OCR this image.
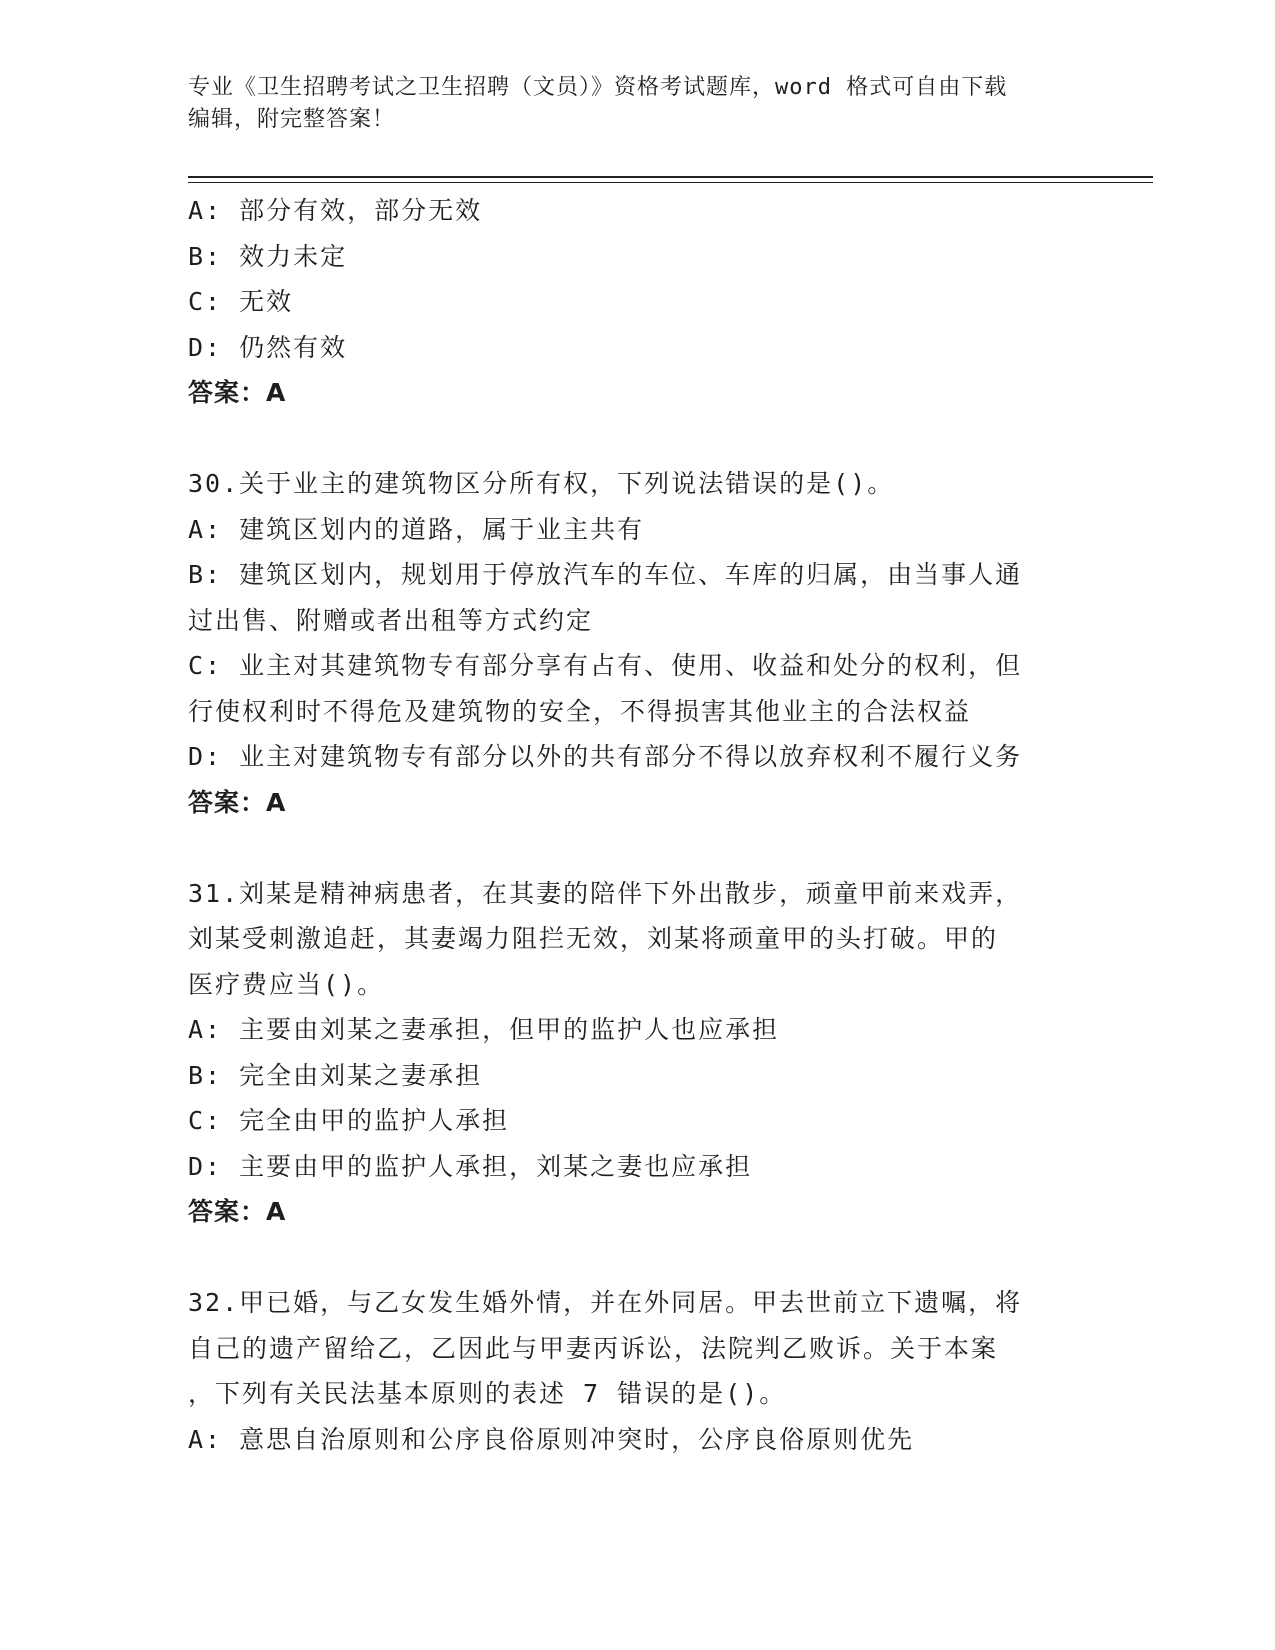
专业《卫生招聘考试之卫生招聘（文员）》资格考试题库，word 格式可自由下载
编辑，附完整答案！
A: 部分有效，部分无效
B: 效力未定
C: 无效
D: 仍然有效
答案：A
30.关于业主的建筑物区分所有权，下列说法错误的是()。
A: 建筑区划内的道路，属于业主共有
B: 建筑区划内，规划用于停放汽车的车位、车库的归属，由当事人通
过出售、附赠或者出租等方式约定
C: 业主对其建筑物专有部分享有占有、使用、收益和处分的权利，但
行使权利时不得危及建筑物的安全，不得损害其他业主的合法权益
D: 业主对建筑物专有部分以外的共有部分不得以放弃权利不履行义务
答案：A
31.刘某是精神病患者，在其妻的陪伴下外出散步，顽童甲前来戏弄，
刘某受刺激追赶，其妻竭力阻拦无效，刘某将顽童甲的头打破。甲的
医疗费应当()。
A: 主要由刘某之妻承担，但甲的监护人也应承担
B: 完全由刘某之妻承担
C: 完全由甲的监护人承担
D: 主要由甲的监护人承担，刘某之妻也应承担
答案：A
32.甲已婚，与乙女发生婚外情，并在外同居。甲去世前立下遗嘱，将
自己的遗产留给乙，乙因此与甲妻丙诉讼，法院判乙败诉。关于本案
，下列有关民法基本原则的表述 7 错误的是()。
A: 意思自治原则和公序良俗原则冲突时，公序良俗原则优先
